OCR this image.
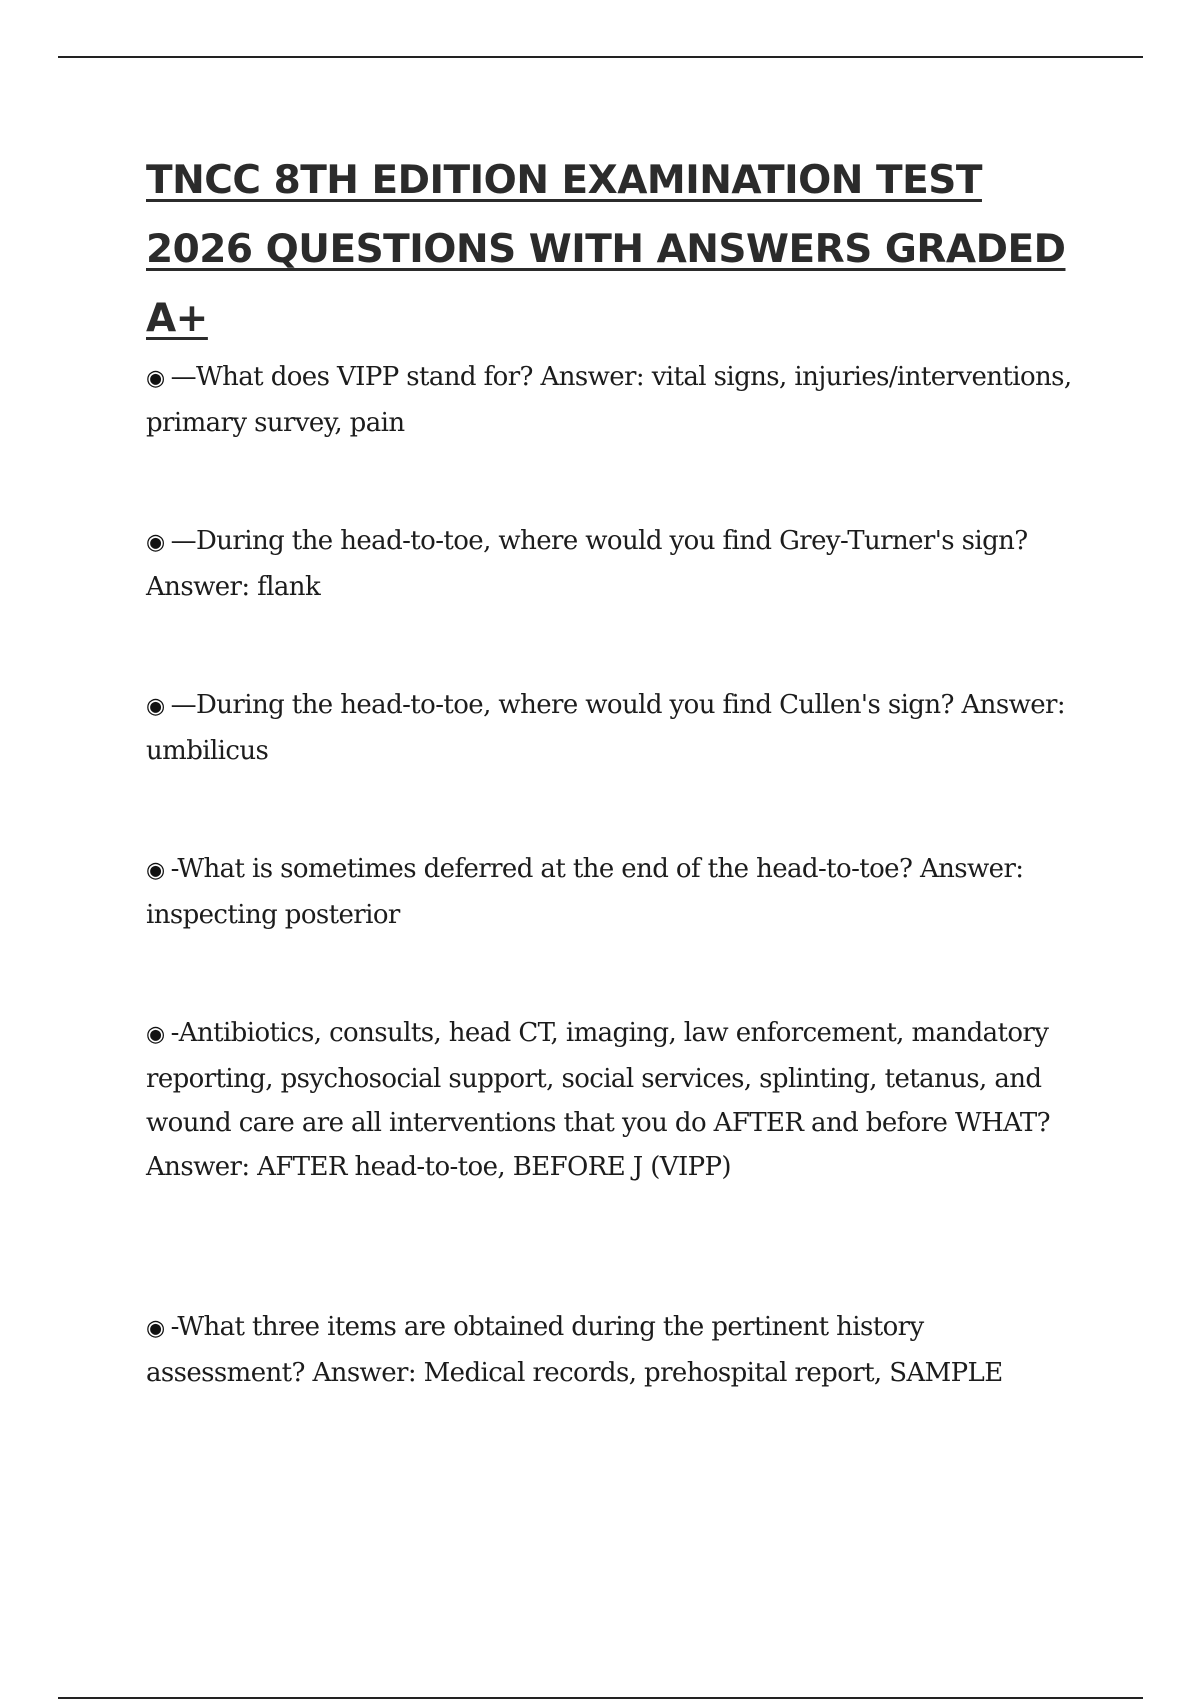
TNCC 8TH EDITION EXAMINATION TEST 2026 QUESTIONS WITH ANSWERS GRADED A+

◉ —What does VIPP stand for? Answer: vital signs, injuries/interventions, primary survey, pain

◉ —During the head-to-toe, where would you find Grey-Turner's sign? Answer: flank

◉ —During the head-to-toe, where would you find Cullen's sign? Answer: umbilicus

◉ -What is sometimes deferred at the end of the head-to-toe? Answer: inspecting posterior

◉ -Antibiotics, consults, head CT, imaging, law enforcement, mandatory reporting, psychosocial support, social services, splinting, tetanus, and wound care are all interventions that you do AFTER and before WHAT? Answer: AFTER head-to-toe, BEFORE J (VIPP)

◉ -What three items are obtained during the pertinent history assessment? Answer: Medical records, prehospital report, SAMPLE
